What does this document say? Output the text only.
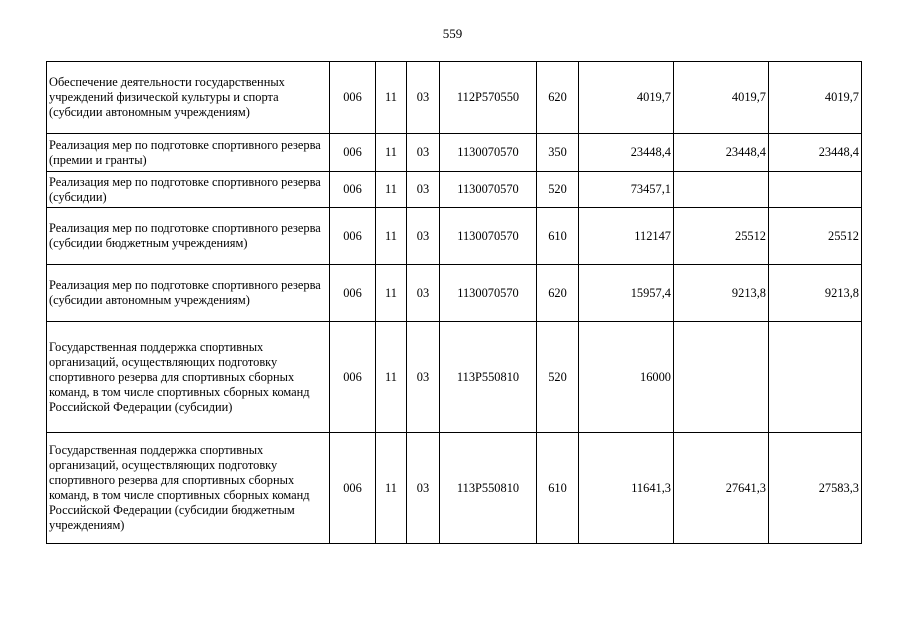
559
Обеспечение деятельности государственных учреждений физической культуры и спорта (субсидии автономным учреждениям)	006	11	03	112Р570550	620	4019,7	4019,7	4019,7
Реализация мер по подготовке спортивного резерва (премии и гранты)	006	11	03	1130070570	350	23448,4	23448,4	23448,4
Реализация мер по подготовке спортивного резерва (субсидии)	006	11	03	1130070570	520	73457,1		
Реализация мер по подготовке спортивного резерва (субсидии бюджетным учреждениям)	006	11	03	1130070570	610	112147	25512	25512
Реализация мер по подготовке спортивного резерва (субсидии автономным учреждениям)	006	11	03	1130070570	620	15957,4	9213,8	9213,8
Государственная поддержка спортивных организаций, осуществляющих подготовку спортивного резерва для спортивных сборных команд, в том числе спортивных сборных команд Российской Федерации (субсидии)	006	11	03	113Р550810	520	16000		
Государственная поддержка спортивных организаций, осуществляющих подготовку спортивного резерва для спортивных сборных команд, в том числе спортивных сборных команд Российской Федерации (субсидии бюджетным учреждениям)	006	11	03	113Р550810	610	11641,3	27641,3	27583,3
